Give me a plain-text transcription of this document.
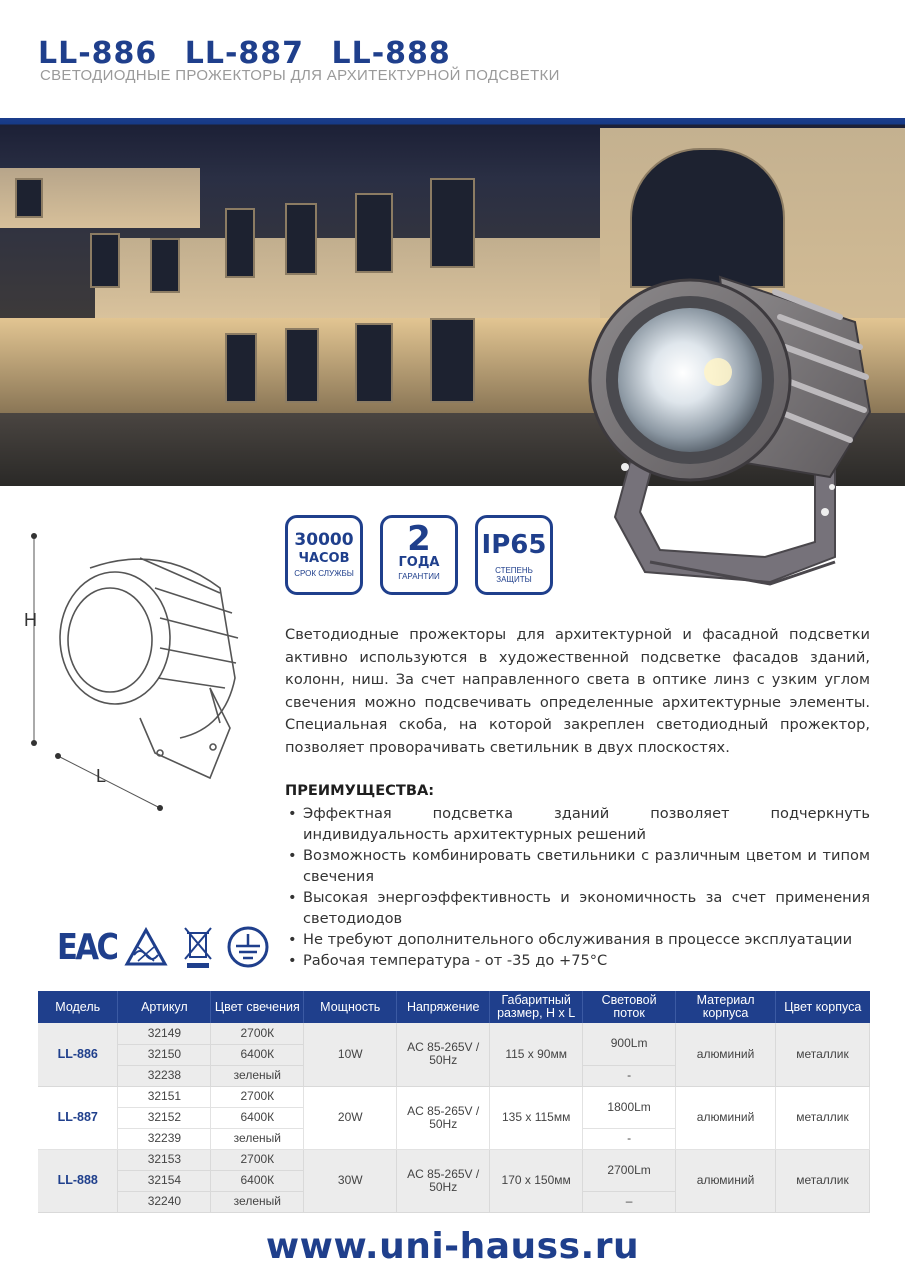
LL-886 LL-887 LL-888
СВЕТОДИОДНЫЕ ПРОЖЕКТОРЫ ДЛЯ АРХИТЕКТУРНОЙ ПОДСВЕТКИ
H
L
30000
ЧАСОВ
СРОК СЛУЖБЫ
2
ГОДА
ГАРАНТИИ
IP65
СТЕПЕНЬ ЗАЩИТЫ

Светодиодные прожекторы для архитектурной и фасадной подсветки активно используются в художественной подсветке фасадов зданий, колонн, ниш. За счет направленного света в оптике линз с узким углом свечения можно подсвечивать определенные архитектурные элементы. Специальная скоба, на которой закреплен светодиодный прожектор, позволяет проворачивать светильник в двух плоскостях.

ПРЕИМУЩЕСТВА:
• Эффектная подсветка зданий позволяет подчеркнуть индивидуальность архитектурных решений
• Возможность комбинировать светильники с различным цветом и типом свечения
• Высокая энергоэффективность и экономичность за счет применения светодиодов
• Не требуют дополнительного обслуживания в процессе эксплуатации
• Рабочая температура - от -35 до +75°С
EAC
Модель	Артикул	Цвет свечения	Мощность	Напряжение	Габаритный размер, Н х L	Световой поток	Материал корпуса	Цвет корпуса
LL-886	32149	2700К	10W	AC 85-265V / 50Hz	115 х 90мм	900Lm	алюминий	металлик
	32150	6400К						
	32238	зеленый				-		
LL-887	32151	2700К	20W	AC 85-265V / 50Hz	135 х 115мм	1800Lm	алюминий	металлик
	32152	6400К						
	32239	зеленый				-		
LL-888	32153	2700К	30W	AC 85-265V / 50Hz	170 х 150мм	2700Lm	алюминий	металлик
	32154	6400К						
	32240	зеленый				–		
www.uni-hauss.ru
